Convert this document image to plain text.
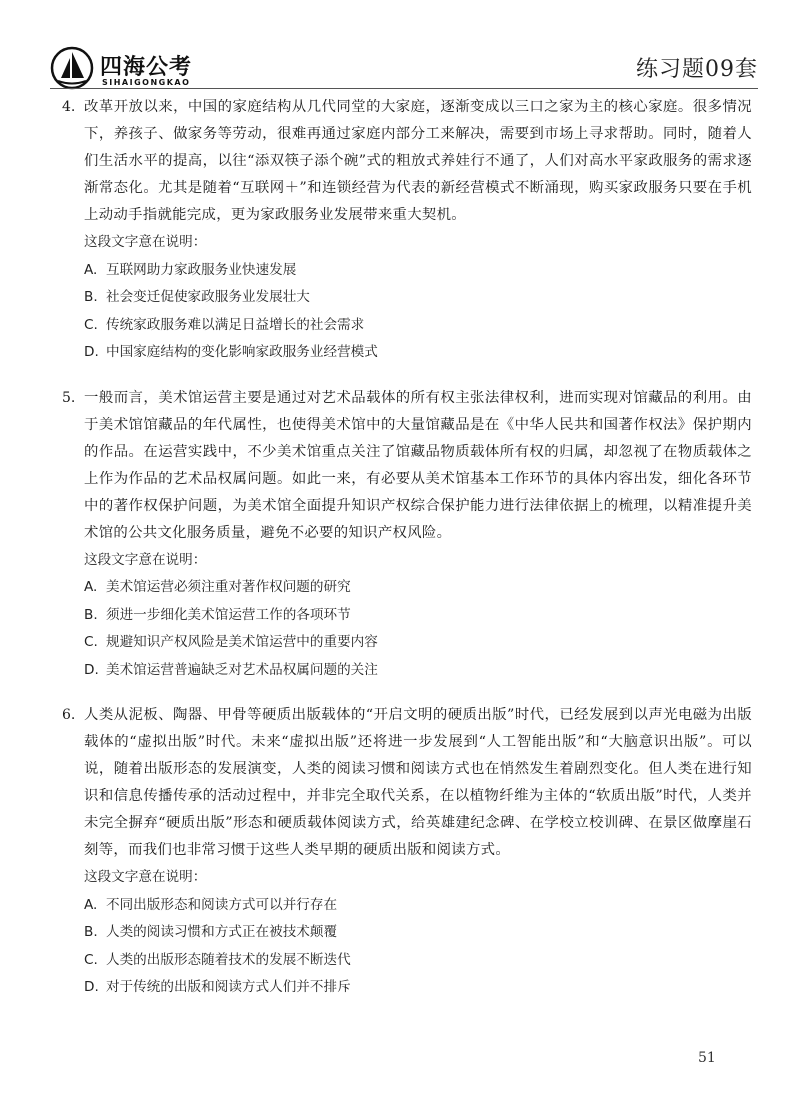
四海公考
SIHAIGONGKAO
练习题09套
4. 改革开放以来，中国的家庭结构从几代同堂的大家庭，逐渐变成以三口之家为主的核心家庭。很多情况下，养孩子、做家务等劳动，很难再通过家庭内部分工来解决，需要到市场上寻求帮助。同时，随着人们生活水平的提高，以往“添双筷子添个碗”式的粗放式养娃行不通了，人们对高水平家政服务的需求逐渐常态化。尤其是随着“互联网＋”和连锁经营为代表的新经营模式不断涌现，购买家政服务只要在手机上动动手指就能完成，更为家政服务业发展带来重大契机。
这段文字意在说明：
A. 互联网助力家政服务业快速发展
B. 社会变迁促使家政服务业发展壮大
C. 传统家政服务难以满足日益增长的社会需求
D. 中国家庭结构的变化影响家政服务业经营模式
5. 一般而言，美术馆运营主要是通过对艺术品载体的所有权主张法律权利，进而实现对馆藏品的利用。由于美术馆馆藏品的年代属性，也使得美术馆中的大量馆藏品是在《中华人民共和国著作权法》保护期内的作品。在运营实践中，不少美术馆重点关注了馆藏品物质载体所有权的归属，却忽视了在物质载体之上作为作品的艺术品权属问题。如此一来，有必要从美术馆基本工作环节的具体内容出发，细化各环节中的著作权保护问题，为美术馆全面提升知识产权综合保护能力进行法律依据上的梳理，以精准提升美术馆的公共文化服务质量，避免不必要的知识产权风险。
这段文字意在说明：
A. 美术馆运营必须注重对著作权问题的研究
B. 须进一步细化美术馆运营工作的各项环节
C. 规避知识产权风险是美术馆运营中的重要内容
D. 美术馆运营普遍缺乏对艺术品权属问题的关注
6. 人类从泥板、陶器、甲骨等硬质出版载体的“开启文明的硬质出版”时代，已经发展到以声光电磁为出版载体的“虚拟出版”时代。未来“虚拟出版”还将进一步发展到“人工智能出版”和“大脑意识出版”。可以说，随着出版形态的发展演变，人类的阅读习惯和阅读方式也在悄然发生着剧烈变化。但人类在进行知识和信息传播传承的活动过程中，并非完全取代关系，在以植物纤维为主体的“软质出版”时代，人类并未完全摒弃“硬质出版”形态和硬质载体阅读方式，给英雄建纪念碑、在学校立校训碑、在景区做摩崖石刻等，而我们也非常习惯于这些人类早期的硬质出版和阅读方式。
这段文字意在说明：
A. 不同出版形态和阅读方式可以并行存在
B. 人类的阅读习惯和方式正在被技术颠覆
C. 人类的出版形态随着技术的发展不断迭代
D. 对于传统的出版和阅读方式人们并不排斥
51
